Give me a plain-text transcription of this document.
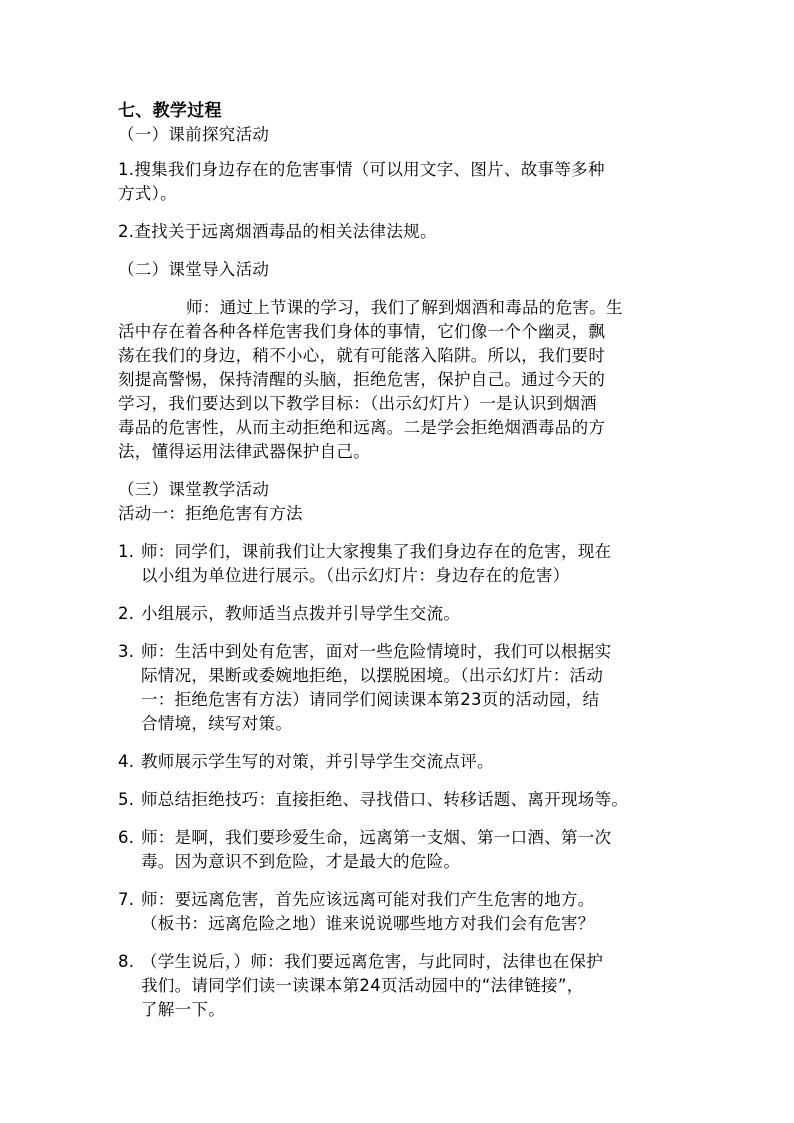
七、教学过程
（一）课前探究活动
1.搜集我们身边存在的危害事情（可以用文字、图片、故事等多种
方式）。
2.查找关于远离烟酒毒品的相关法律法规。
（二）课堂导入活动
师：通过上节课的学习，我们了解到烟酒和毒品的危害。生
活中存在着各种各样危害我们身体的事情，它们像一个个幽灵，飘
荡在我们的身边，稍不小心，就有可能落入陷阱。所以，我们要时
刻提高警惕，保持清醒的头脑，拒绝危害，保护自己。通过今天的
学习，我们要达到以下教学目标：（出示幻灯片）一是认识到烟酒
毒品的危害性，从而主动拒绝和远离。二是学会拒绝烟酒毒品的方
法，懂得运用法律武器保护自己。
（三）课堂教学活动
活动一：拒绝危害有方法
1. 师：同学们，课前我们让大家搜集了我们身边存在的危害，现在
以小组为单位进行展示。（出示幻灯片：身边存在的危害）
2. 小组展示，教师适当点拨并引导学生交流。
3. 师：生活中到处有危害，面对一些危险情境时，我们可以根据实
际情况，果断或委婉地拒绝，以摆脱困境。（出示幻灯片：活动
一：拒绝危害有方法）请同学们阅读课本第23页的活动园，结
合情境，续写对策。
4. 教师展示学生写的对策，并引导学生交流点评。
5. 师总结拒绝技巧：直接拒绝、寻找借口、转移话题、离开现场等。
6. 师：是啊，我们要珍爱生命，远离第一支烟、第一口酒、第一次
毒。因为意识不到危险，才是最大的危险。
7. 师：要远离危害，首先应该远离可能对我们产生危害的地方。
（板书：远离危险之地）谁来说说哪些地方对我们会有危害？
8. （学生说后，）师：我们要远离危害，与此同时，法律也在保护
我们。请同学们读一读课本第24页活动园中的“法律链接”，
了解一下。
